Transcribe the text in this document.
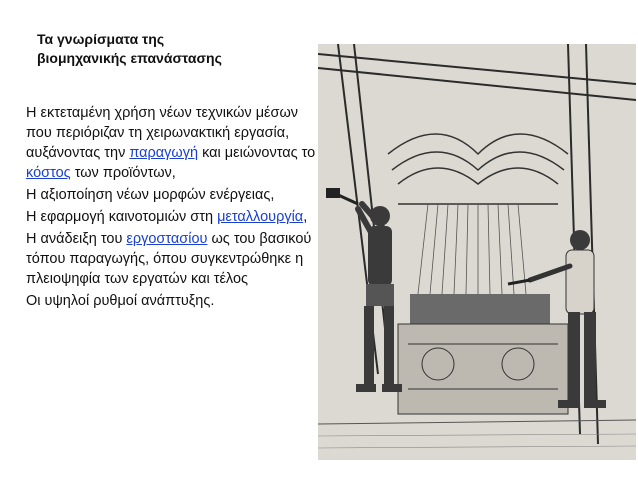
Τα γνωρίσματα της βιομηχανικής επανάστασης

Η εκτεταμένη χρήση νέων τεχνικών μέσων που περιόριζαν τη χειρωνακτική εργασία, αυξάνοντας την παραγωγή και μειώνοντας το κόστος των προϊόντων,

Η αξιοποίηση νέων μορφών ενέργειας,

Η εφαρμογή καινοτομιών στη μεταλλουργία,

Η ανάδειξη του εργοστασίου ως του βασικού τόπου παραγωγής, όπου συγκεντρώθηκε η πλειοψηφία των εργατών και τέλος

Οι υψηλοί ρυθμοί ανάπτυξης.
